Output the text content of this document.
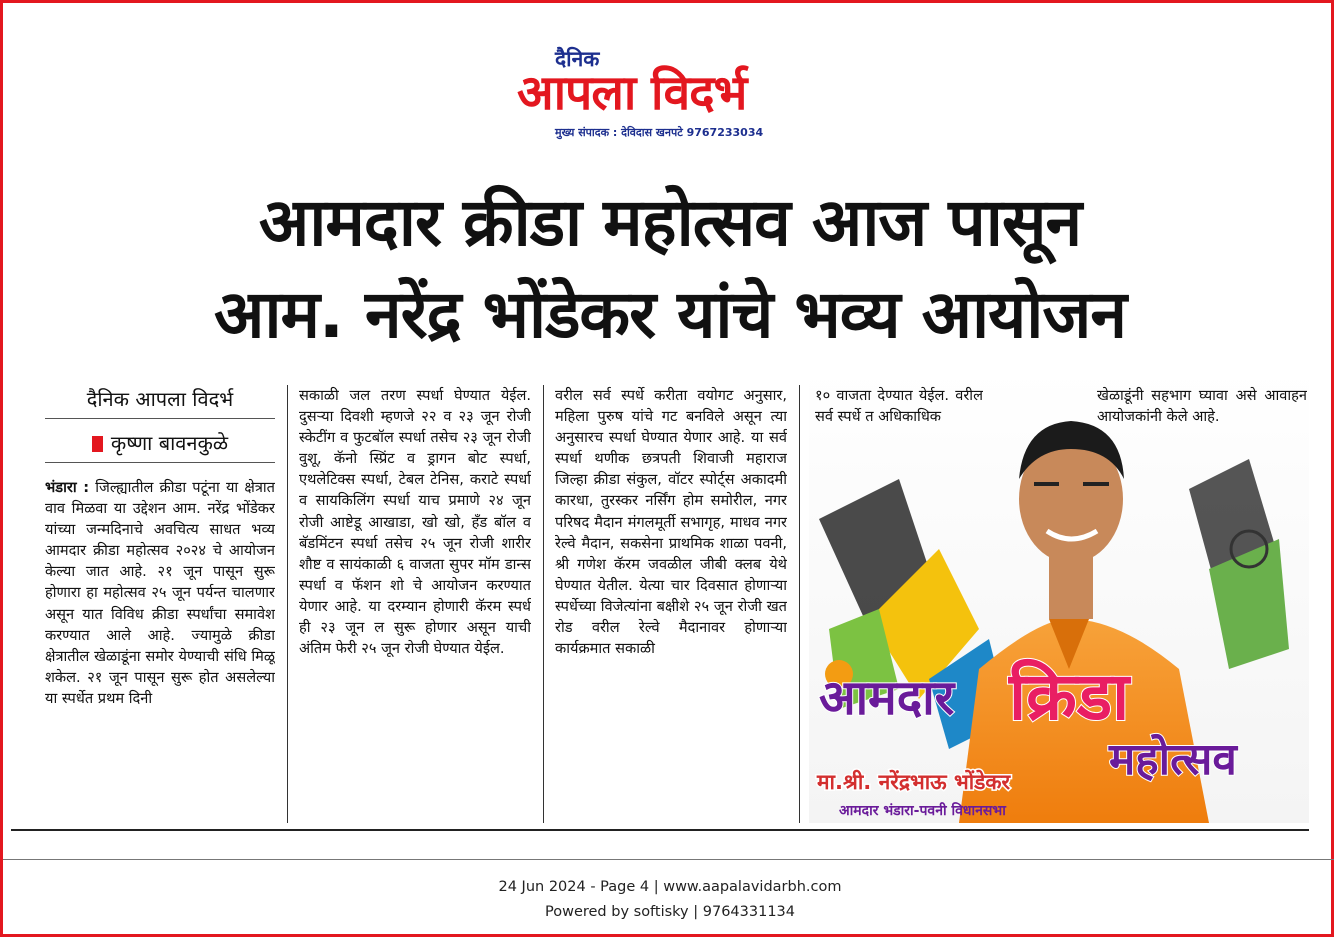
दैनिक
आपला विदर्भ
मुख्य संपादक : देविदास खनपटे 9767233034
आमदार क्रीडा महोत्सव आज पासून
आम. नरेंद्र भोंडेकर यांचे भव्य आयोजन
दैनिक आपला विदर्भ
कृष्णा बावनकुळे

भंडारा : जिल्ह्यातील क्रीडा पटूंना या क्षेत्रात वाव मिळवा या उद्देशन आम. नरेंद्र भोंडेकर यांच्या जन्मदिनाचे अवचित्य साधत भव्य आमदार क्रीडा महोत्सव २०२४ चे आयोजन केल्या जात आहे. २१ जून पासून सुरू होणारा हा महोत्सव २५ जून पर्यन्त चालणार असून यात विविध क्रीडा स्पर्धांचा समावेश करण्यात आले आहे. ज्यामुळे क्रीडा क्षेत्रातील खेळाडूंना समोर येण्याची संधि मिळू शकेल. २१ जून पासून सुरू होत असलेल्या या स्पर्धेत प्रथम दिनी

सकाळी जल तरण स्पर्धा घेण्यात येईल. दुसऱ्या दिवशी म्हणजे २२ व २३ जून रोजी स्केटींग व फुटबॉल स्पर्धा तसेच २३ जून रोजी वुशू, कॅनो स्प्रिंट व ड्रागन बोट स्पर्धा, एथलेटिक्स स्पर्धा, टेबल टेनिस, कराटे स्पर्धा व सायकिलिंग स्पर्धा याच प्रमाणे २४ जून रोजी आष्टेडू आखाडा, खो खो, हँड बॉल व बॅडमिंटन स्पर्धा तसेच २५ जून रोजी शारीर शौष्ट व सायंकाळी ६ वाजता सुपर मॉम डान्स स्पर्धा व फॅशन शो चे आयोजन करण्यात येणार आहे. या दरम्यान होणारी कॅरम स्पर्ध ही २३ जून ल सुरू होणार असून याची अंतिम फेरी २५ जून रोजी घेण्यात येईल.

वरील सर्व स्पर्धे करीता वयोगट अनुसार, महिला पुरुष यांचे गट बनविले असून त्या अनुसारच स्पर्धा घेण्यात येणार आहे. या सर्व स्पर्धा थणीक छत्रपती शिवाजी महाराज जिल्हा क्रीडा संकुल, वॉटर स्पोर्ट्स अकादमी कारधा, तुरस्कर नर्सिंग होम समोरील, नगर परिषद मैदान मंगलमूर्ती सभागृह, माधव नगर रेल्वे मैदान, सकसेना प्राथमिक शाळा पवनी, श्री गणेश कॅरम जवळील जीबी क्लब येथे घेण्यात येतील. येत्या चार दिवसात होणाऱ्या स्पर्धेच्या विजेत्यांना बक्षीशे २५ जून रोजी खत रोड वरील रेल्वे मैदानावर होणाऱ्या कार्यक्रमात सकाळी

आमदार क्रिडा
महोत्सव
मा.श्री. नरेंद्रभाऊ भोंडेकर
आमदार भंडारा-पवनी विधानसभा

१० वाजता देण्यात येईल. वरील सर्व स्पर्धे त अधिकाधिक

खेळाडूंनी सहभाग घ्यावा असे आवाहन आयोजकांनी केले आहे.

24 Jun 2024 - Page 4 | www.aapalavidarbh.com
Powered by softisky | 9764331134
